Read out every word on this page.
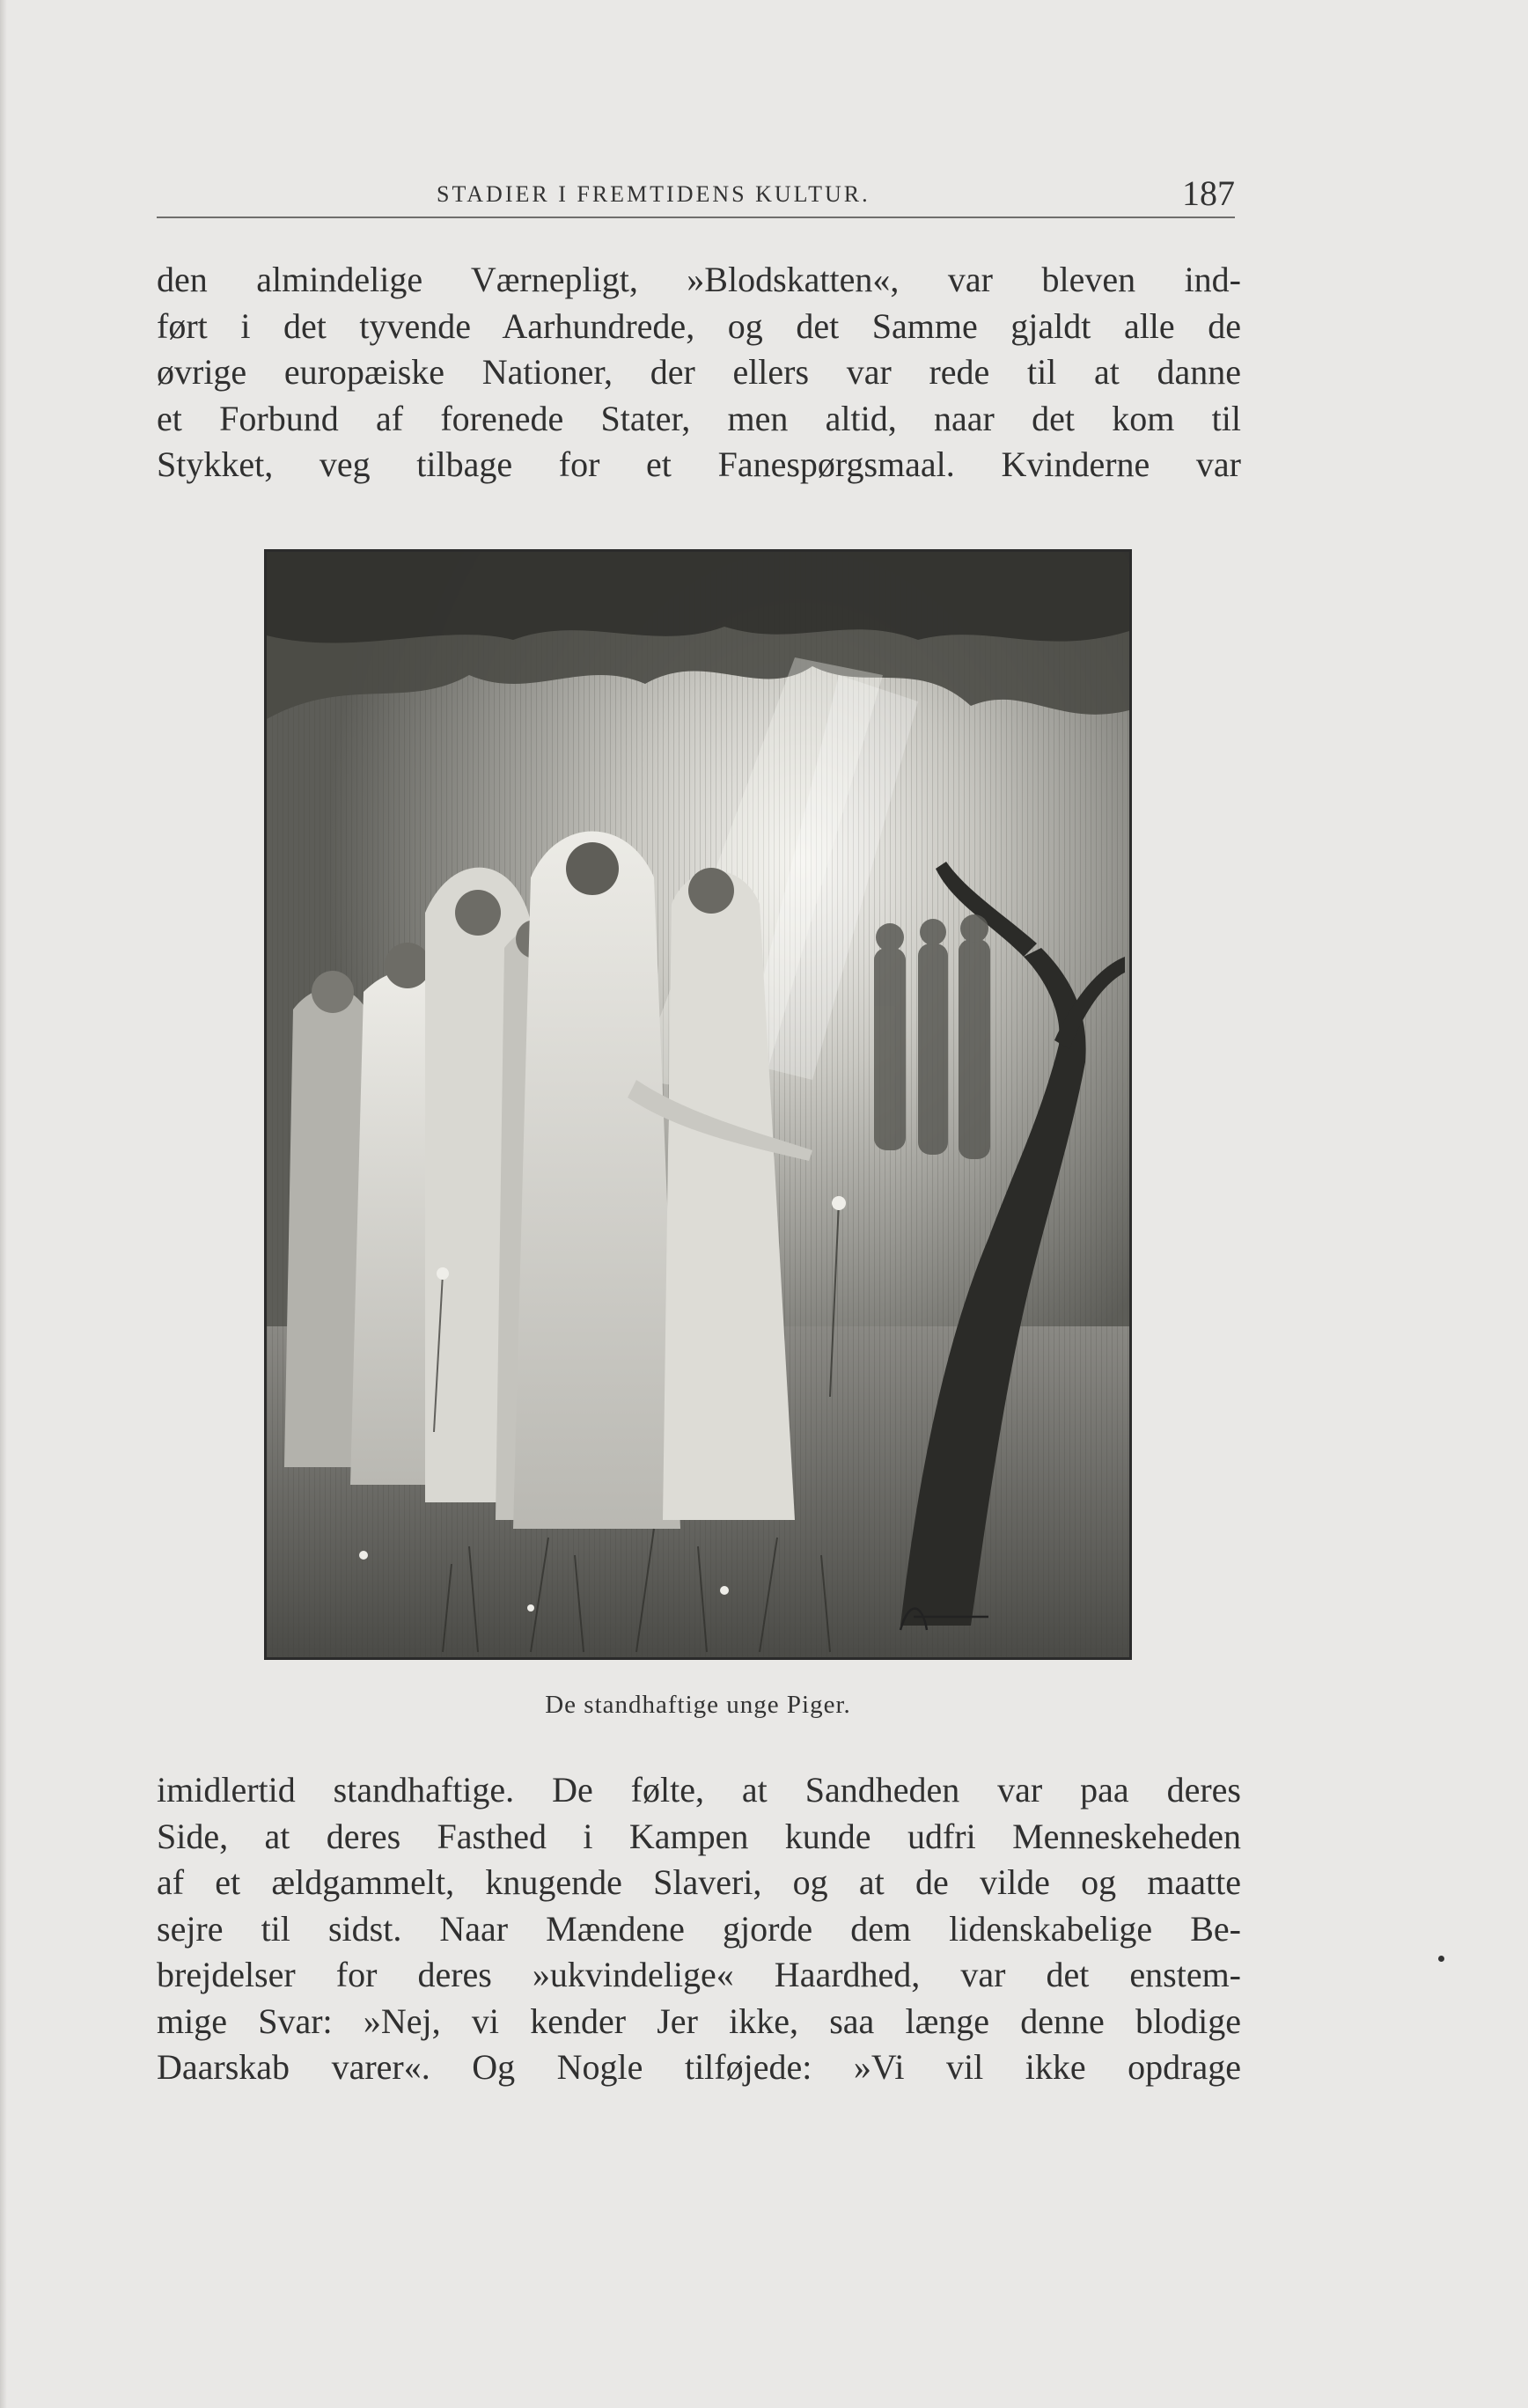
STADIER I FREMTIDENS KULTUR.	187
den almindelige Værnepligt, »Blodskatten«, var bleven ind-
ført i det tyvende Aarhundrede, og det Samme gjaldt alle de
øvrige europæiske Nationer, der ellers var rede til at danne
et Forbund af forenede Stater, men altid, naar det kom til
Stykket, veg tilbage for et Fanespørgsmaal. Kvinderne var
De standhaftige unge Piger.
imidlertid standhaftige. De følte, at Sandheden var paa deres
Side, at deres Fasthed i Kampen kunde udfri Menneskeheden
af et ældgammelt, knugende Slaveri, og at de vilde og maatte
sejre til sidst. Naar Mændene gjorde dem lidenskabelige Be-
brejdelser for deres »ukvindelige« Haardhed, var det enstem-
mige Svar: »Nej, vi kender Jer ikke, saa længe denne blodige
Daarskab varer«. Og Nogle tilføjede: »Vi vil ikke opdrage
